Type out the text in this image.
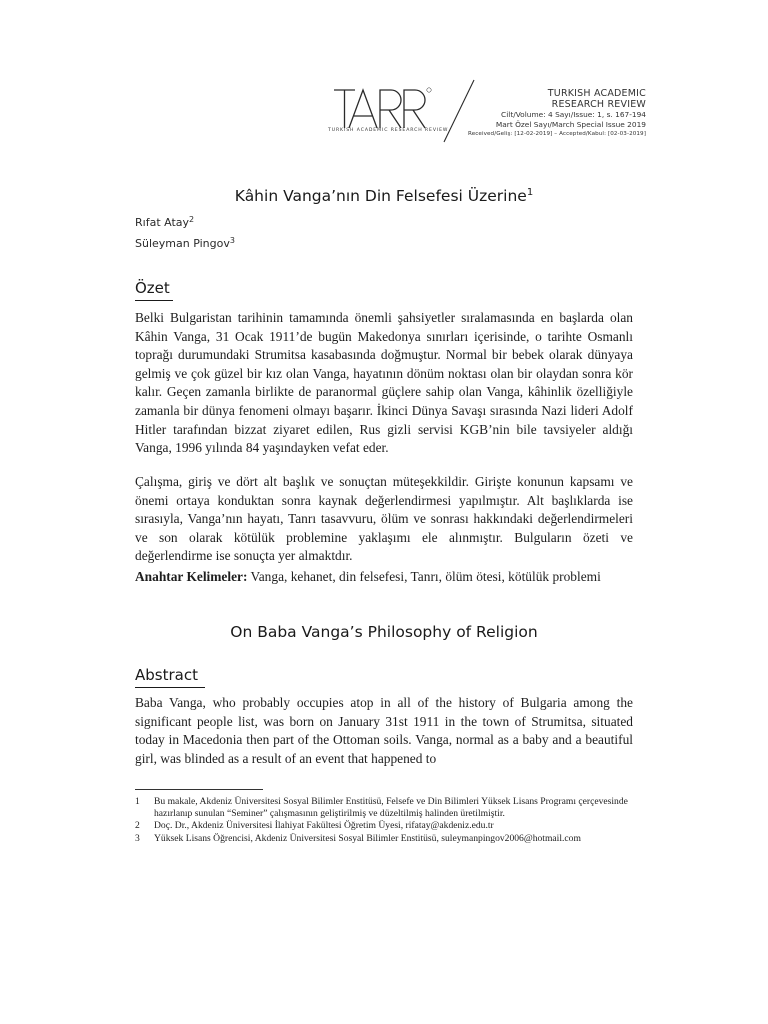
TURKISH ACADEMIC RESEARCH REVIEW
TURKISH ACADEMIC
RESEARCH REVIEW
Cilt/Volume: 4 Sayı/Issue: 1, s. 167-194
Mart Özel Sayı/March Special Issue 2019
Received/Geliş: [12-02-2019] – Accepted/Kabul: [02-03-2019]
Kâhin Vanga’nın Din Felsefesi Üzerine$^1$
Rıfat Atay$^2$
Süleyman Pingov$^3$
Özet

Belki Bulgaristan tarihinin tamamında önemli şahsiyetler sıralamasında en başlarda olan Kâhin Vanga, 31 Ocak 1911’de bugün Makedonya sınırları içerisinde, o tarihte Osmanlı toprağı durumundaki Strumitsa kasabasında doğmuştur. Normal bir bebek olarak dünyaya gelmiş ve çok güzel bir kız olan Vanga, hayatının dönüm noktası olan bir olaydan sonra kör kalır. Geçen zamanla birlikte de paranormal güçlere sahip olan Vanga, kâhinlik özelliğiyle zamanla bir dünya fenomeni olmayı başarır. İkinci Dünya Savaşı sırasında Nazi lideri Adolf Hitler tarafından bizzat ziyaret edilen, Rus gizli servisi KGB’nin bile tavsiyeler aldığı Vanga, 1996 yılında 84 yaşındayken vefat eder.

Çalışma, giriş ve dört alt başlık ve sonuçtan müteşekkildir. Girişte konunun kapsamı ve önemi ortaya konduktan sonra kaynak değerlendirmesi yapılmıştır. Alt başlıklarda ise sırasıyla, Vanga’nın hayatı, Tanrı tasavvuru, ölüm ve sonrası hakkındaki değerlendirmeleri ve son olarak kötülük problemine yaklaşımı ele alınmıştır. Bulguların özeti ve değerlendirme ise sonuçta yer almaktdır.

Anahtar Kelimeler: Vanga, kehanet, din felsefesi, Tanrı, ölüm ötesi, kötülük problemi

On Baba Vanga’s Philosophy of Religion
Abstract

Baba Vanga, who probably occupies atop in all of the history of Bulgaria among the significant people list, was born on January 31st 1911 in the town of Strumitsa, situated today in Macedonia then part of the Ottoman soils. Vanga, normal as a baby and a beautiful girl, was blinded as a result of an event that happened to

1	Bu makale, Akdeniz Üniversitesi Sosyal Bilimler Enstitüsü, Felsefe ve Din Bilimleri Yüksek Lisans Programı çerçevesinde hazırlanıp sunulan “Seminer” çalışmasının geliştirilmiş ve düzeltilmiş halinden üretilmiştir.
2	Doç. Dr., Akdeniz Üniversitesi İlahiyat Fakültesi Öğretim Üyesi, rifatay@akdeniz.edu.tr
3	Yüksek Lisans Öğrencisi, Akdeniz Üniversitesi Sosyal Bilimler Enstitüsü, suleymanpingov2006@hotmail.com
